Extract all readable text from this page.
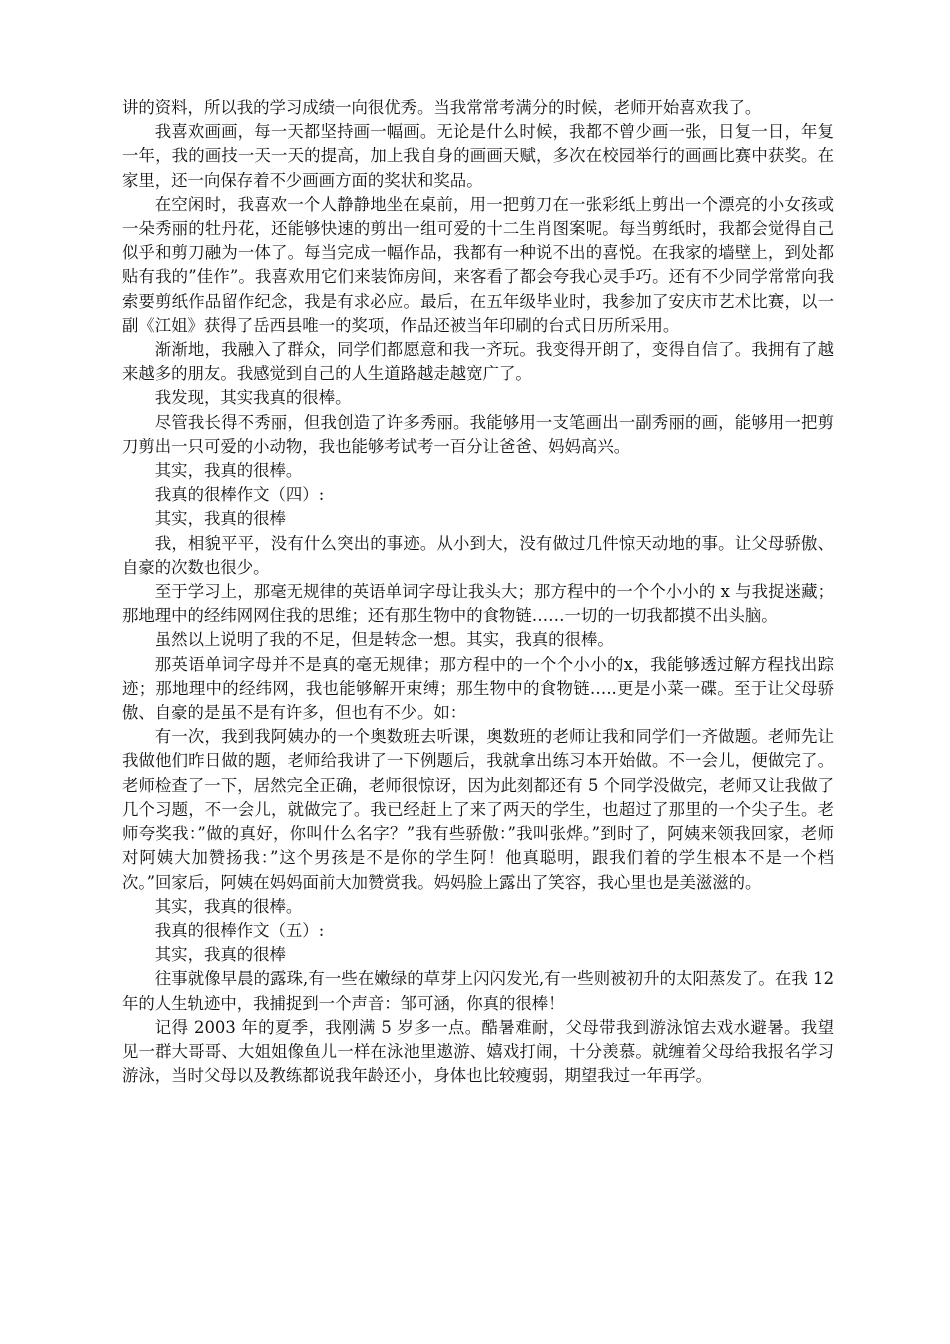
讲的资料，所以我的学习成绩一向很优秀。当我常常考满分的时候，老师开始喜欢我了。

我喜欢画画，每一天都坚持画一幅画。无论是什么时候，我都不曾少画一张，日复一日，年复一年，我的画技一天一天的提高，加上我自身的画画天赋，多次在校园举行的画画比赛中获奖。在家里，还一向保存着不少画画方面的奖状和奖品。

在空闲时，我喜欢一个人静静地坐在桌前，用一把剪刀在一张彩纸上剪出一个漂亮的小女孩或一朵秀丽的牡丹花，还能够快速的剪出一组可爱的十二生肖图案呢。每当剪纸时，我都会觉得自己似乎和剪刀融为一体了。每当完成一幅作品，我都有一种说不出的喜悦。在我家的墙壁上，到处都贴有我的”佳作”。我喜欢用它们来装饰房间，来客看了都会夸我心灵手巧。还有不少同学常常向我索要剪纸作品留作纪念，我是有求必应。最后，在五年级毕业时，我参加了安庆市艺术比赛，以一副《江姐》获得了岳西县唯一的奖项，作品还被当年印刷的台式日历所采用。

渐渐地，我融入了群众，同学们都愿意和我一齐玩。我变得开朗了，变得自信了。我拥有了越来越多的朋友。我感觉到自己的人生道路越走越宽广了。

我发现，其实我真的很棒。

尽管我长得不秀丽，但我创造了许多秀丽。我能够用一支笔画出一副秀丽的画，能够用一把剪刀剪出一只可爱的小动物，我也能够考试考一百分让爸爸、妈妈高兴。

其实，我真的很棒。

我真的很棒作文（四）:

其实，我真的很棒

我，相貌平平，没有什么突出的事迹。从小到大，没有做过几件惊天动地的事。让父母骄傲、自豪的次数也很少。

至于学习上，那毫无规律的英语单词字母让我头大；那方程中的一个个小小的 x 与我捉迷藏；那地理中的经纬网网住我的思维；还有那生物中的食物链……一切的一切我都摸不出头脑。

虽然以上说明了我的不足，但是转念一想。其实，我真的很棒。

那英语单词字母并不是真的毫无规律；那方程中的一个个小小的x，我能够透过解方程找出踪迹；那地理中的经纬网，我也能够解开束缚；那生物中的食物链…..更是小菜一碟。至于让父母骄傲、自豪的是虽不是有许多，但也有不少。如：

有一次，我到我阿姨办的一个奥数班去听课，奥数班的老师让我和同学们一齐做题。老师先让我做他们昨日做的题，老师给我讲了一下例题后，我就拿出练习本开始做。不一会儿，便做完了。老师检查了一下，居然完全正确，老师很惊讶，因为此刻都还有 5 个同学没做完，老师又让我做了几个习题，不一会儿，就做完了。我已经赶上了来了两天的学生，也超过了那里的一个尖子生。老师夸奖我：”做的真好，你叫什么名字？”我有些骄傲：”我叫张烨。”到时了，阿姨来领我回家，老师对阿姨大加赞扬我：”这个男孩是不是你的学生阿！他真聪明，跟我们着的学生根本不是一个档次。”回家后，阿姨在妈妈面前大加赞赏我。妈妈脸上露出了笑容，我心里也是美滋滋的。

其实，我真的很棒。

我真的很棒作文（五）:

其实，我真的很棒

往事就像早晨的露珠,有一些在嫩绿的草芽上闪闪发光,有一些则被初升的太阳蒸发了。在我 12 年的人生轨迹中，我捕捉到一个声音：邹可涵，你真的很棒！

记得 2003 年的夏季，我刚满 5 岁多一点。酷暑难耐，父母带我到游泳馆去戏水避暑。我望见一群大哥哥、大姐姐像鱼儿一样在泳池里遨游、嬉戏打闹，十分羡慕。就缠着父母给我报名学习游泳，当时父母以及教练都说我年龄还小，身体也比较瘦弱，期望我过一年再学。
